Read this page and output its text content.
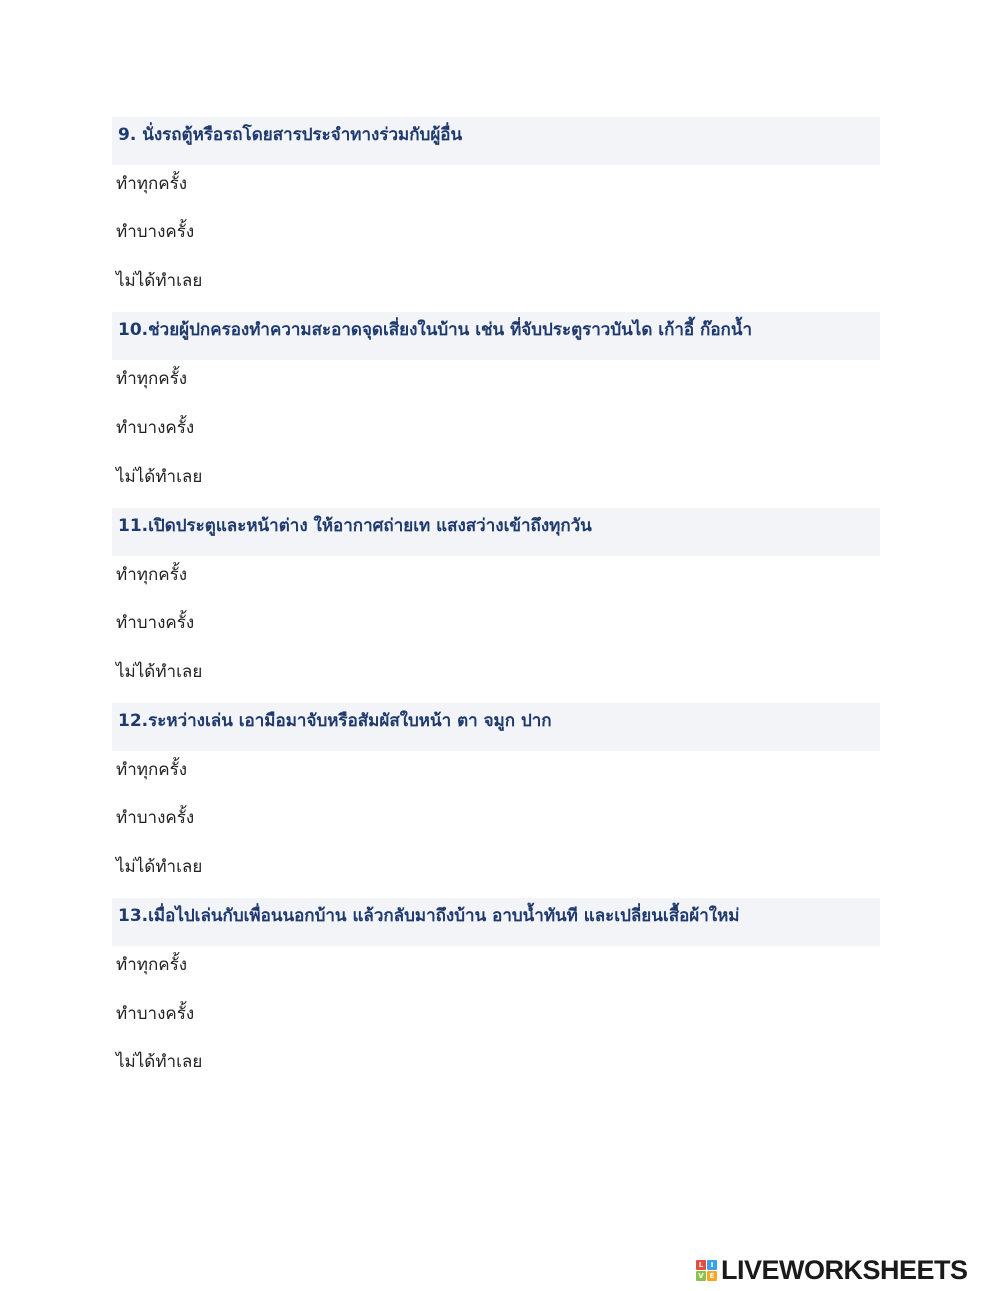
9. นั่งรถตู้หรือรถโดยสารประจำทางร่วมกับผู้อื่น
ทำทุกครั้ง
ทำบางครั้ง
ไม่ได้ทำเลย
10.ช่วยผู้ปกครองทำความสะอาดจุดเสี่ยงในบ้าน เช่น ที่จับประตูราวบันได เก้าอี้ ก๊อกน้ำ
ทำทุกครั้ง
ทำบางครั้ง
ไม่ได้ทำเลย
11.เปิดประตูและหน้าต่าง ให้อากาศถ่ายเท แสงสว่างเข้าถึงทุกวัน
ทำทุกครั้ง
ทำบางครั้ง
ไม่ได้ทำเลย
12.ระหว่างเล่น เอามือมาจับหรือสัมผัสใบหน้า ตา จมูก ปาก
ทำทุกครั้ง
ทำบางครั้ง
ไม่ได้ทำเลย
13.เมื่อไปเล่นกับเพื่อนนอกบ้าน แล้วกลับมาถึงบ้าน อาบน้ำทันที และเปลี่ยนเสื้อผ้าใหม่
ทำทุกครั้ง
ทำบางครั้ง
ไม่ได้ทำเลย
L	I
V E LIVEWORKSHEETS
